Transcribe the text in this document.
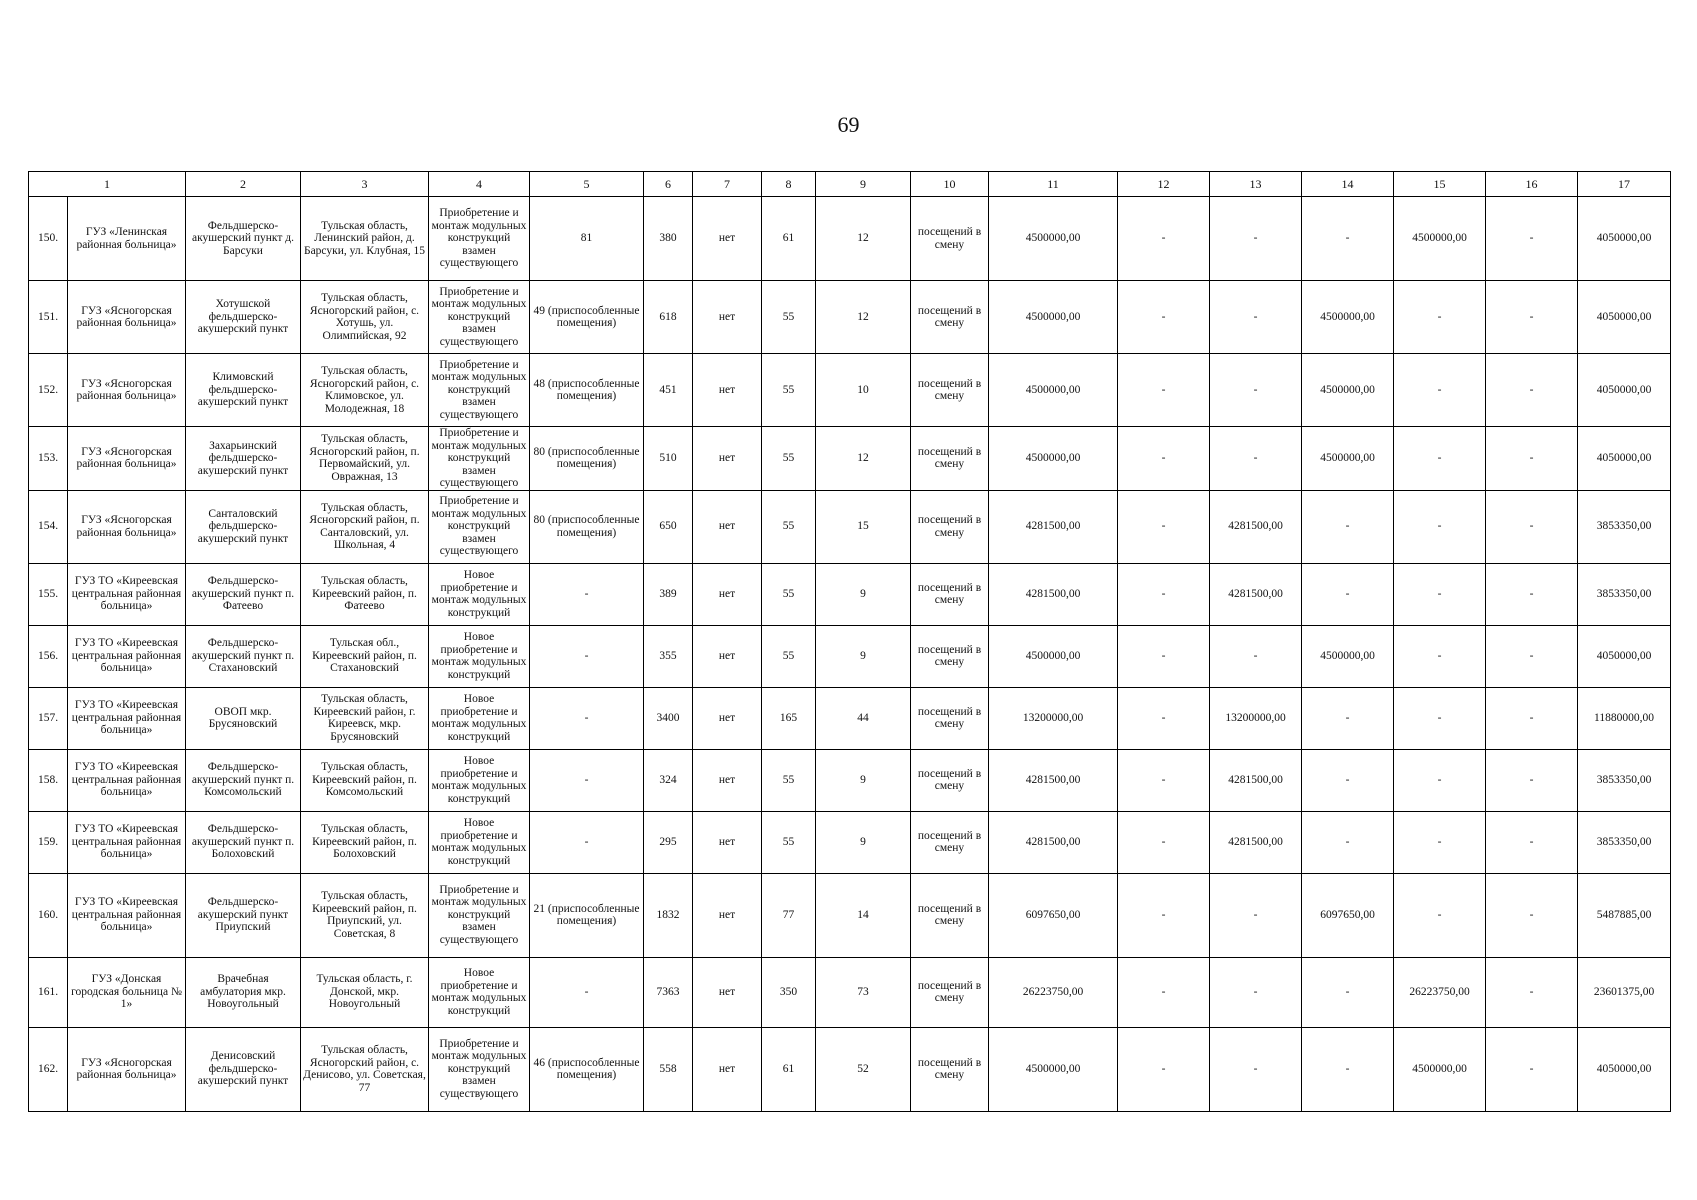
69
1		2	3	4	5	6	7	8	9	10	11	12	13	14	15	16	17
150.	ГУЗ «Ленинская районная больница»	Фельдшерско-акушерский пункт д. Барсуки	Тульская область, Ленинский район, д. Барсуки, ул. Клубная, 15	Приобретение и монтаж модульных конструкций взамен существующего	81	380	нет	61	12	посещений в смену	4500000,00	-	-	-	4500000,00	-	4050000,00
151.	ГУЗ «Ясногорская районная больница»	Хотушской фельдшерско-акушерский пункт	Тульская область, Ясногорский район, с. Хотушь, ул. Олимпийская, 92	Приобретение и монтаж модульных конструкций взамен существующего	49 (приспособленные помещения)	618	нет	55	12	посещений в смену	4500000,00	-	-	4500000,00	-	-	4050000,00
152.	ГУЗ «Ясногорская районная больница»	Климовский фельдшерско-акушерский пункт	Тульская область, Ясногорский район, с. Климовское, ул. Молодежная, 18	Приобретение и монтаж модульных конструкций взамен существующего	48 (приспособленные помещения)	451	нет	55	10	посещений в смену	4500000,00	-	-	4500000,00	-	-	4050000,00
153.	ГУЗ «Ясногорская районная больница»	Захарьинский фельдшерско-акушерский пункт	Тульская область, Ясногорский район, п. Первомайский, ул. Овражная, 13	Приобретение и монтаж модульных конструкций взамен существующего	80 (приспособленные помещения)	510	нет	55	12	посещений в смену	4500000,00	-	-	4500000,00	-	-	4050000,00
154.	ГУЗ «Ясногорская районная больница»	Санталовский фельдшерско-акушерский пункт	Тульская область, Ясногорский район, п. Санталовский, ул. Школьная, 4	Приобретение и монтаж модульных конструкций взамен существующего	80 (приспособленные помещения)	650	нет	55	15	посещений в смену	4281500,00	-	4281500,00	-	-	-	3853350,00
155.	ГУЗ ТО «Киреевская центральная районная больница»	Фельдшерско-акушерский пункт п. Фатеево	Тульская область, Киреевский район, п. Фатеево	Новое приобретение и монтаж модульных конструкций	-	389	нет	55	9	посещений в смену	4281500,00	-	4281500,00	-	-	-	3853350,00
156.	ГУЗ ТО «Киреевская центральная районная больница»	Фельдшерско-акушерский пункт п. Стахановский	Тульская обл., Киреевский район, п. Стахановский	Новое приобретение и монтаж модульных конструкций	-	355	нет	55	9	посещений в смену	4500000,00	-	-	4500000,00	-	-	4050000,00
157.	ГУЗ ТО «Киреевская центральная районная больница»	ОВОП мкр. Брусяновский	Тульская область, Киреевский район, г. Киреевск, мкр. Брусяновский	Новое приобретение и монтаж модульных конструкций	-	3400	нет	165	44	посещений в смену	13200000,00	-	13200000,00	-	-	-	11880000,00
158.	ГУЗ ТО «Киреевская центральная районная больница»	Фельдшерско-акушерский пункт п. Комсомольский	Тульская область, Киреевский район, п. Комсомольский	Новое приобретение и монтаж модульных конструкций	-	324	нет	55	9	посещений в смену	4281500,00	-	4281500,00	-	-	-	3853350,00
159.	ГУЗ ТО «Киреевская центральная районная больница»	Фельдшерско-акушерский пункт п. Болоховский	Тульская область, Киреевский район, п. Болоховский	Новое приобретение и монтаж модульных конструкций	-	295	нет	55	9	посещений в смену	4281500,00	-	4281500,00	-	-	-	3853350,00
160.	ГУЗ ТО «Киреевская центральная районная больница»	Фельдшерско-акушерский пункт Приупский	Тульская область, Киреевский район, п. Приупский, ул. Советская, 8	Приобретение и монтаж модульных конструкций взамен существующего	21 (приспособленные помещения)	1832	нет	77	14	посещений в смену	6097650,00	-	-	6097650,00	-	-	5487885,00
161.	ГУЗ «Донская городская больница № 1»	Врачебная амбулатория мкр. Новоугольный	Тульская область, г. Донской, мкр. Новоугольный	Новое приобретение и монтаж модульных конструкций	-	7363	нет	350	73	посещений в смену	26223750,00	-	-	-	26223750,00	-	23601375,00
162.	ГУЗ «Ясногорская районная больница»	Денисовский фельдшерско-акушерский пункт	Тульская область, Ясногорский район, с. Денисово, ул. Советская, 77	Приобретение и монтаж модульных конструкций взамен существующего	46 (приспособленные помещения)	558	нет	61	52	посещений в смену	4500000,00	-	-	-	4500000,00	-	4050000,00
